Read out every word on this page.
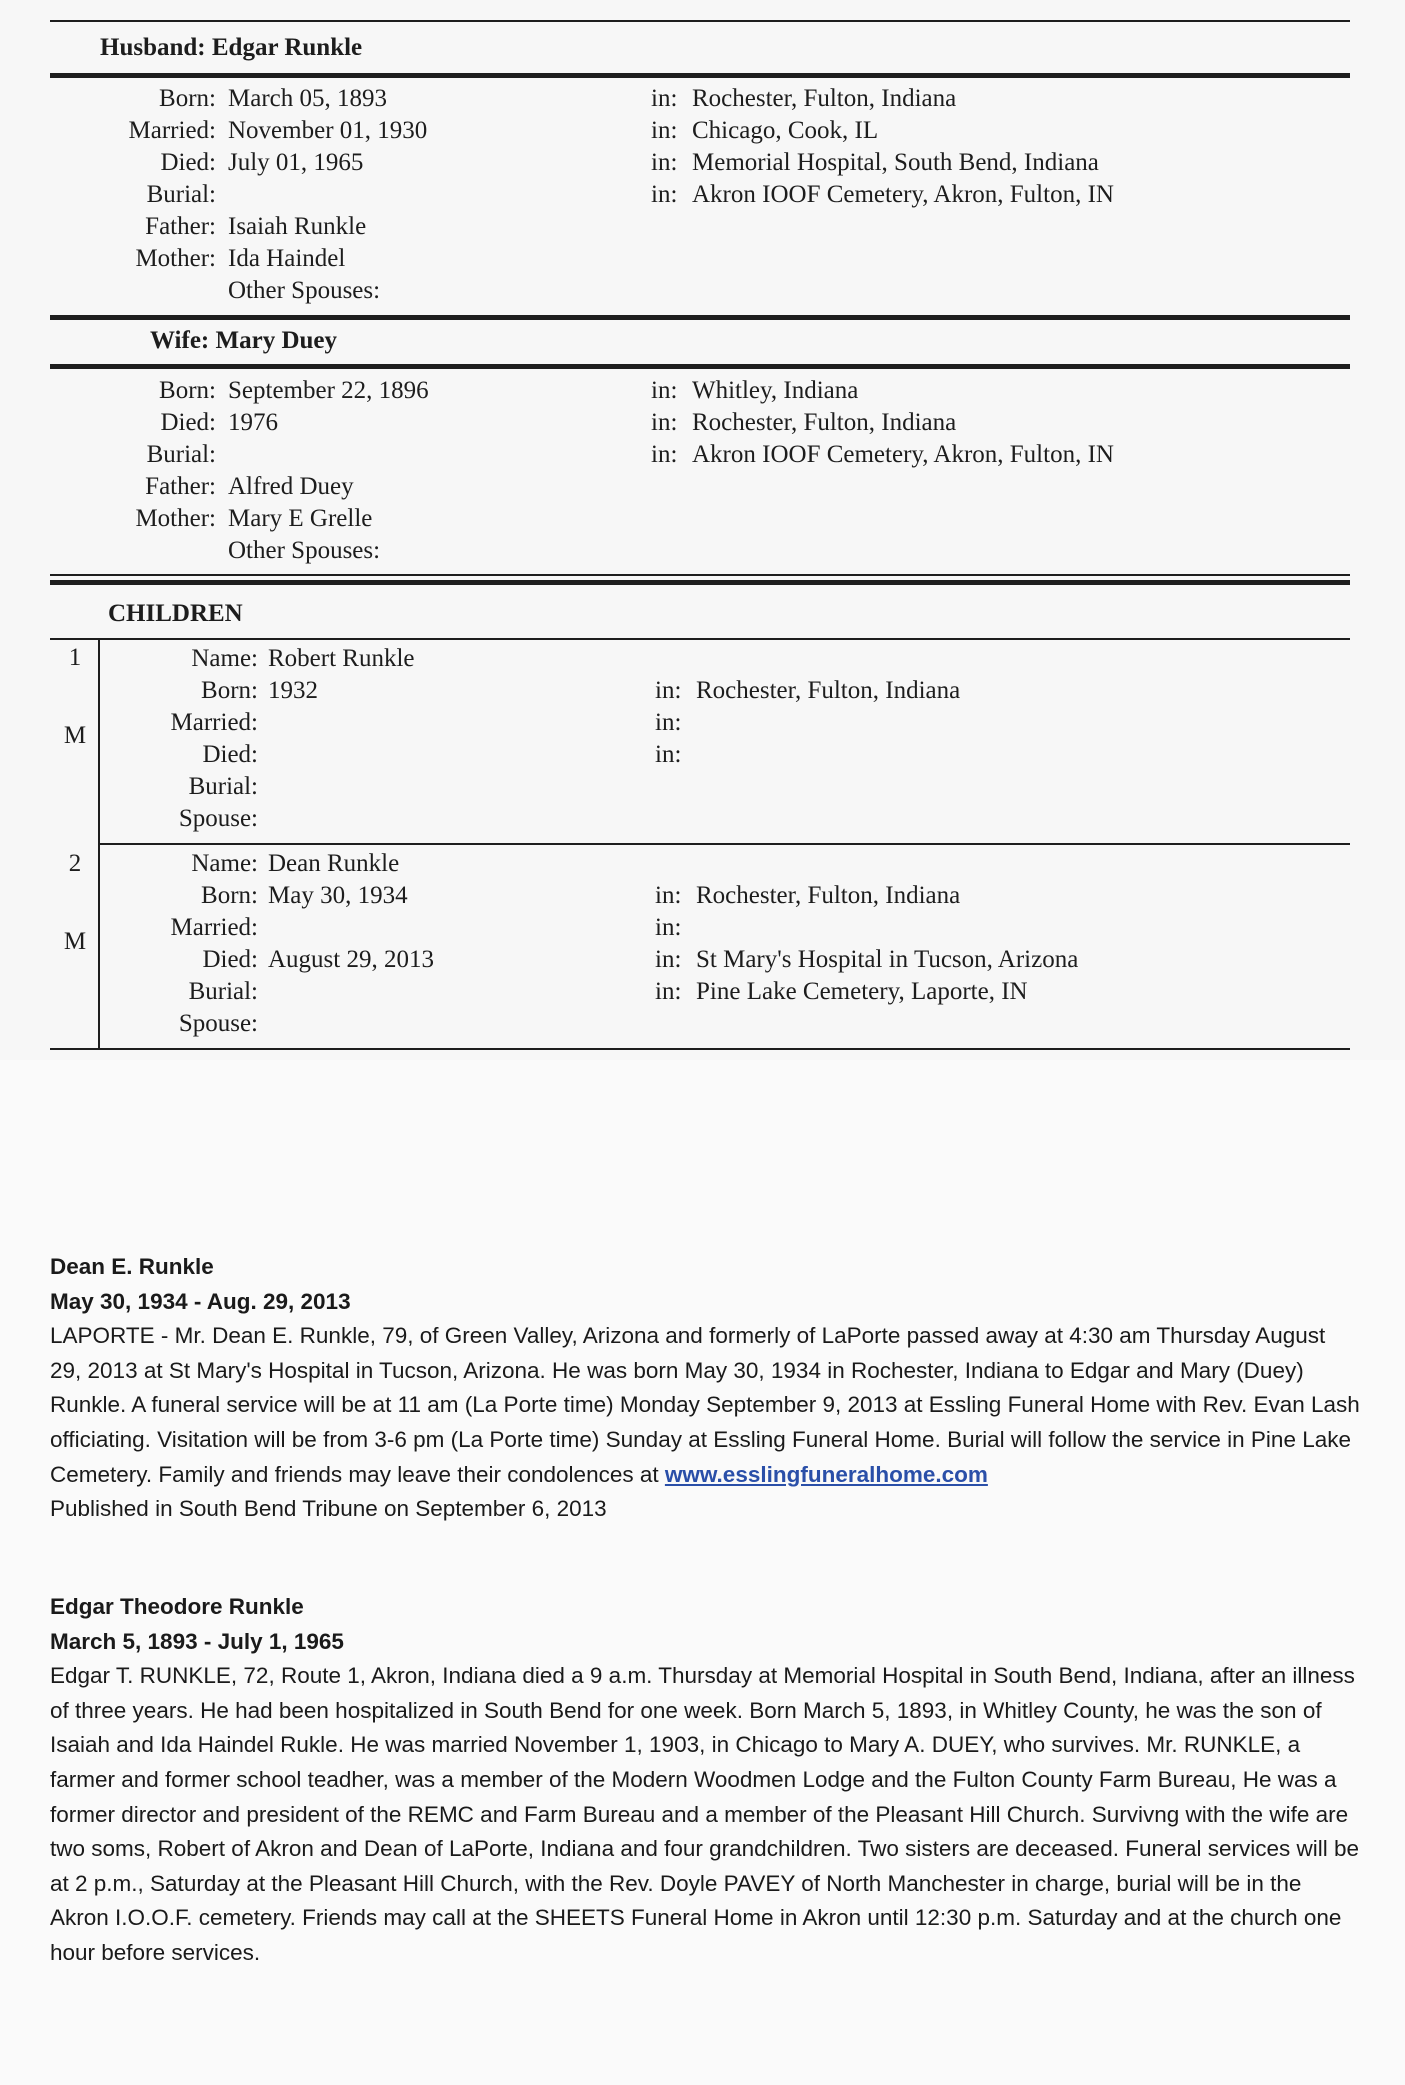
Husband: Edgar Runkle
Born: March 05, 1893	in: Rochester, Fulton, Indiana
Married: November 01, 1930	in: Chicago, Cook, IL
Died: July 01, 1965	in: Memorial Hospital, South Bend, Indiana
Burial:	in: Akron IOOF Cemetery, Akron, Fulton, IN
Father: Isaiah Runkle
Mother: Ida Haindel
Other Spouses:
Wife: Mary Duey
Born: September 22, 1896	in: Whitley, Indiana
Died: 1976	in: Rochester, Fulton, Indiana
Burial:	in: Akron IOOF Cemetery, Akron, Fulton, IN
Father: Alfred Duey
Mother: Mary E Grelle
Other Spouses:
CHILDREN
1
M
Name: Robert Runkle
Born: 1932	in: Rochester, Fulton, Indiana
Married:	in:
Died:	in:
Burial:
Spouse:
2
M
Name: Dean Runkle
Born: May 30, 1934	in: Rochester, Fulton, Indiana
Married:	in:
Died: August 29, 2013	in: St Mary's Hospital in Tucson, Arizona
Burial:	in: Pine Lake Cemetery, Laporte, IN
Spouse:

Dean E. Runkle

May 30, 1934 - Aug. 29, 2013

LAPORTE - Mr. Dean E. Runkle, 79, of Green Valley, Arizona and formerly of LaPorte passed away at 4:30 am Thursday August 29, 2013 at St Mary's Hospital in Tucson, Arizona. He was born May 30, 1934 in Rochester, Indiana to Edgar and Mary (Duey) Runkle. A funeral service will be at 11 am (La Porte time) Monday September 9, 2013 at Essling Funeral Home with Rev. Evan Lash officiating. Visitation will be from 3-6 pm (La Porte time) Sunday at Essling Funeral Home. Burial will follow the service in Pine Lake Cemetery. Family and friends may leave their condolences at www.esslingfuneralhome.com

Published in South Bend Tribune on September 6, 2013

Edgar Theodore Runkle

March 5, 1893 - July 1, 1965

Edgar T. RUNKLE, 72, Route 1, Akron, Indiana died a 9 a.m. Thursday at Memorial Hospital in South Bend, Indiana, after an illness of three years. He had been hospitalized in South Bend for one week. Born March 5, 1893, in Whitley County, he was the son of Isaiah and Ida Haindel Rukle. He was married November 1, 1903, in Chicago to Mary A. DUEY, who survives. Mr. RUNKLE, a farmer and former school teadher, was a member of the Modern Woodmen Lodge and the Fulton County Farm Bureau, He was a former director and president of the REMC and Farm Bureau and a member of the Pleasant Hill Church. Survivng with the wife are two soms, Robert of Akron and Dean of LaPorte, Indiana and four grandchildren. Two sisters are deceased. Funeral services will be at 2 p.m., Saturday at the Pleasant Hill Church, with the Rev. Doyle PAVEY of North Manchester in charge, burial will be in the Akron I.O.O.F. cemetery. Friends may call at the SHEETS Funeral Home in Akron until 12:30 p.m. Saturday and at the church one hour before services.
